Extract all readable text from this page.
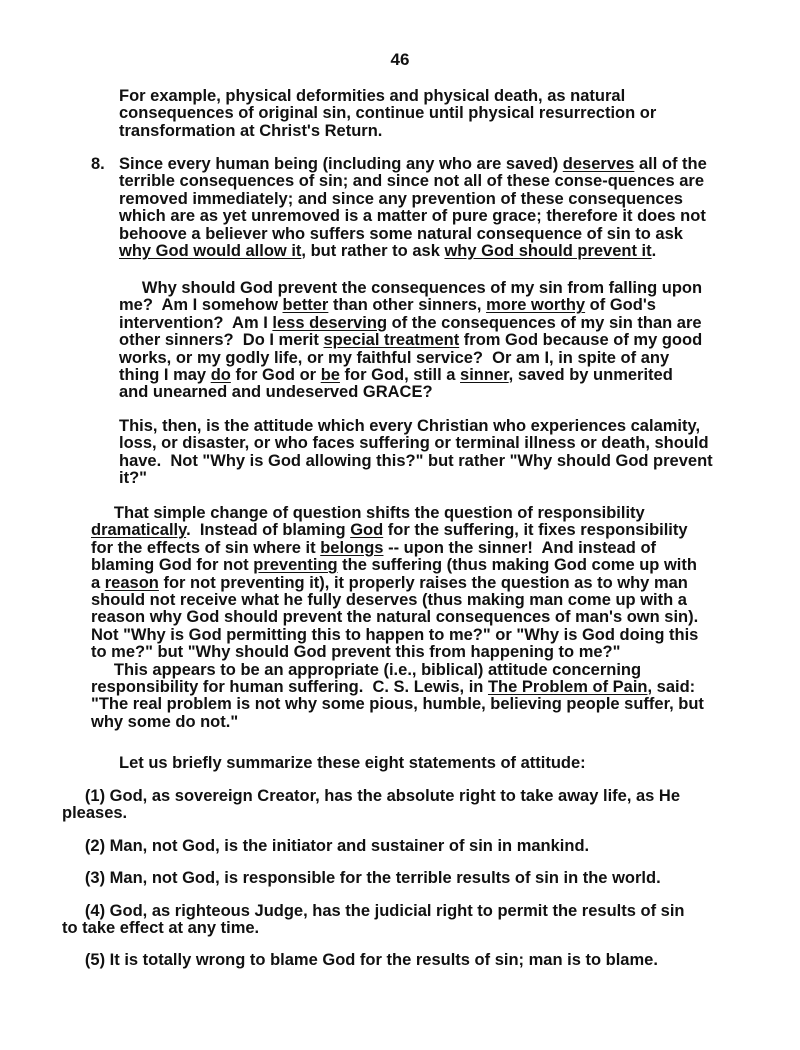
46
For example, physical deformities and physical death, as natural
consequences of original sin, continue until physical resurrection or
transformation at Christ's Return.
8. Since every human being (including any who are saved) deserves all of the
terrible consequences of sin; and since not all of these conse-quences are
removed immediately; and since any prevention of these consequences
which are as yet unremoved is a matter of pure grace; therefore it does not
behoove a believer who suffers some natural consequence of sin to ask
why God would allow it, but rather to ask why God should prevent it.
Why should God prevent the consequences of my sin from falling upon
me?  Am I somehow better than other sinners, more worthy of God's
intervention?  Am I less deserving of the consequences of my sin than are
other sinners?  Do I merit special treatment from God because of my good
works, or my godly life, or my faithful service?  Or am I, in spite of any
thing I may do for God or be for God, still a sinner, saved by unmerited
and unearned and undeserved GRACE?
This, then, is the attitude which every Christian who experiences calamity,
loss, or disaster, or who faces suffering or terminal illness or death, should
have.  Not "Why is God allowing this?" but rather "Why should God prevent
it?"
That simple change of question shifts the question of responsibility
dramatically.  Instead of blaming God for the suffering, it fixes responsibility
for the effects of sin where it belongs -- upon the sinner!  And instead of
blaming God for not preventing the suffering (thus making God come up with
a reason for not preventing it), it properly raises the question as to why man
should not receive what he fully deserves (thus making man come up with a
reason why God should prevent the natural consequences of man's own sin).
Not "Why is God permitting this to happen to me?" or "Why is God doing this
to me?" but "Why should God prevent this from happening to me?"
This appears to be an appropriate (i.e., biblical) attitude concerning
responsibility for human suffering.  C. S. Lewis, in The Problem of Pain, said:
"The real problem is not why some pious, humble, believing people suffer, but
why some do not."
Let us briefly summarize these eight statements of attitude:
(1) God, as sovereign Creator, has the absolute right to take away life, as He
pleases.
(2) Man, not God, is the initiator and sustainer of sin in mankind.
(3) Man, not God, is responsible for the terrible results of sin in the world.
(4) God, as righteous Judge, has the judicial right to permit the results of sin
to take effect at any time.
(5) It is totally wrong to blame God for the results of sin; man is to blame.
